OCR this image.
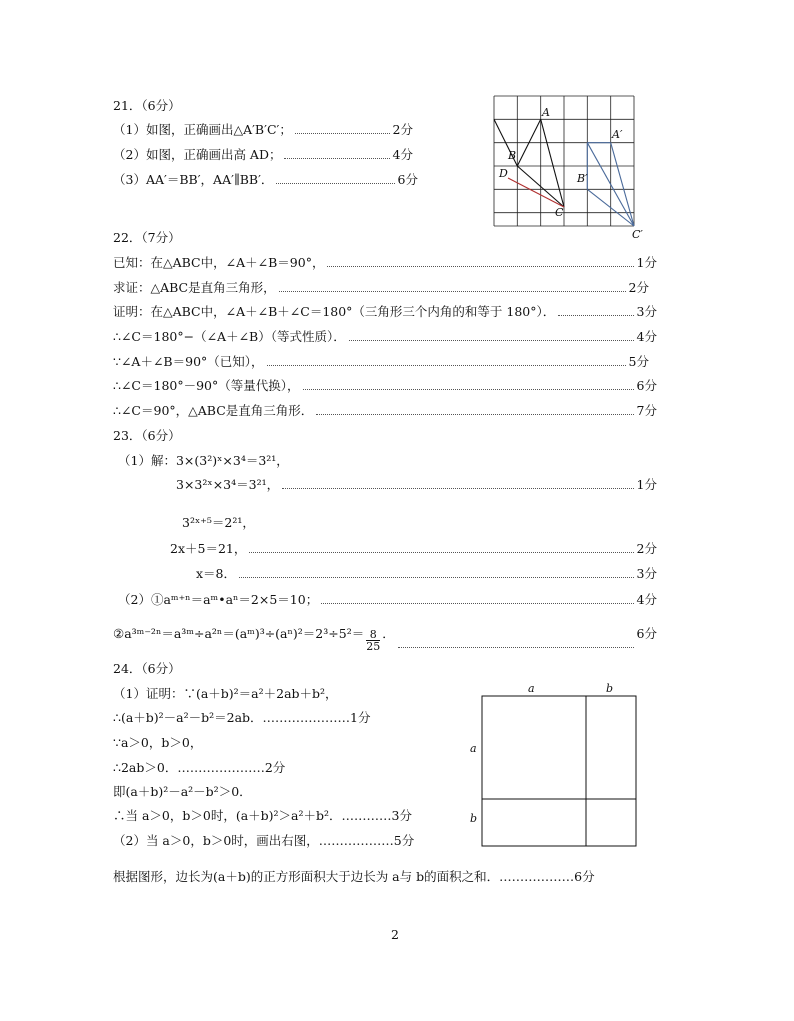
21．（6分）
（1）如图，正确画出△A′B′C′；	2分
（2）如图，正确画出高 AD；	4分
（3）AA′＝BB′，AA′∥BB′．	6分
A
B
C
D
A′
B′
C′
22．（7分）
已知：在△ABC中，∠A＋∠B＝90°，	1分
求证：△ABC是直角三角形，	2分
证明：在△ABC中，∠A＋∠B＋∠C＝180°（三角形三个内角的和等于 180°）．	3分
∴∠C＝180°−（∠A＋∠B）（等式性质）．	4分
∵∠A＋∠B＝90°（已知），	5分
∴∠C＝180°－90°（等量代换），	6分
∴∠C＝90°，△ABC是直角三角形．	7分
23．（6分）
（1）解：3×(3²)ˣ×3⁴＝3²¹，
3×3²ˣ×3⁴＝3²¹，	1分
3²ˣ⁺⁵＝2²¹，
2x＋5＝21，	2分
x＝8．	3分
（2）①aᵐ⁺ⁿ＝aᵐ•aⁿ＝2×5＝10；	4分
②a³ᵐ⁻²ⁿ＝a³ᵐ÷a²ⁿ＝(aᵐ)³÷(aⁿ)²＝2³÷5²＝ $\frac{8}{25}$ ．	6分
24．（6分）
（1）证明：∵(a＋b)²＝a²＋2ab＋b²，
∴(a＋b)²－a²－b²＝2ab．…………………1分
∵a＞0，b＞0，
∴2ab＞0．…………………2分
即(a＋b)²－a²－b²＞0．
∴当 a＞0，b＞0时，(a＋b)²＞a²＋b²．…………3分
（2）当 a＞0，b＞0时，画出右图，………………5分
a	b
a
b
根据图形，边长为(a＋b)的正方形面积大于边长为 a与 b的面积之和．………………6分
2
